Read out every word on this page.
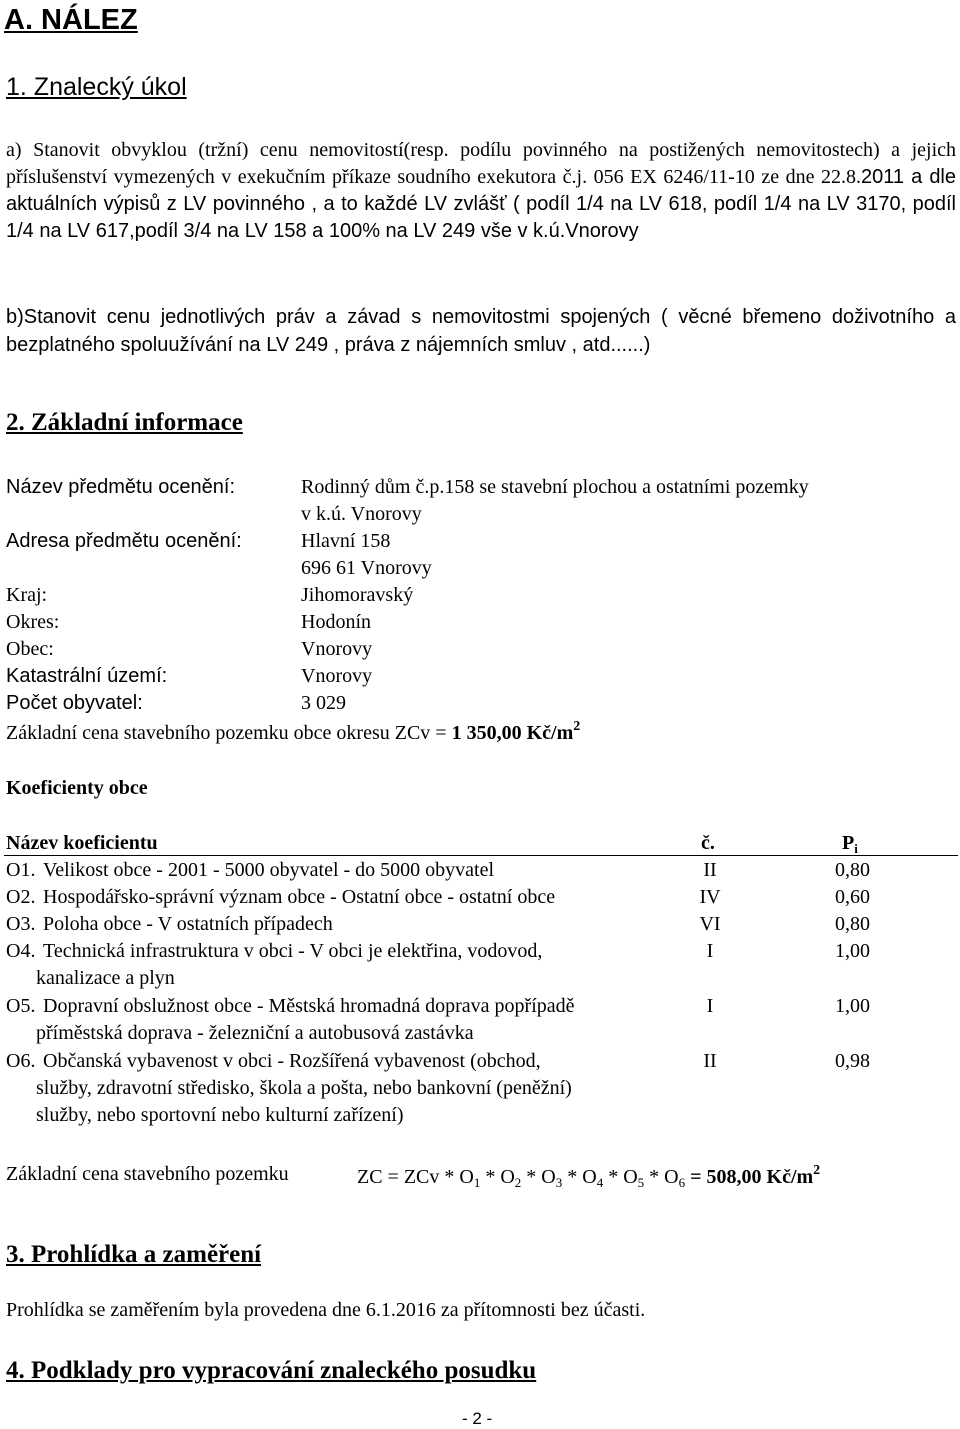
A. NÁLEZ
1. Znalecký úkol
a) Stanovit obvyklou (tržní) cenu nemovitostí(resp. podílu povinného na postižených nemovitostech) a jejich příslušenství vymezených v exekučním příkaze soudního exekutora č.j. 056 EX 6246/11-10 ze dne 22.8.2011 a dle aktuálních výpisů z LV povinného , a to každé LV zvlášť ( podíl 1/4 na LV 618, podíl 1/4 na LV 3170, podíl 1/4 na LV 617,podíl 3/4 na LV 158 a 100% na LV 249 vše v k.ú.Vnorovy
b)Stanovit cenu jednotlivých práv a závad s nemovitostmi spojených ( věcné břemeno doživotního a bezplatného spoluužívání na LV 249 , práva z nájemních smluv , atd......)
2. Základní informace
Název předmětu ocenění:	Rodinný dům č.p.158 se stavební plochou a ostatními pozemky
v k.ú. Vnorovy
Adresa předmětu ocenění:	Hlavní 158
696 61 Vnorovy
Kraj:	Jihomoravský
Okres:	Hodonín
Obec:	Vnorovy
Katastrální území:	Vnorovy
Počet obyvatel:	3 029
Základní cena stavebního pozemku obce okresu ZCv = 1 350,00 $Kč/m^2$
Koeficienty obce
Název koeficientu	č.	$P_i$
O1. Velikost obce - 2001 - 5000 obyvatel - do 5000 obyvatel	II	0,80
O2. Hospodářsko-správní význam obce - Ostatní obce - ostatní obce	IV	0,60
O3. Poloha obce - V ostatních případech	VI	0,80
O4. Technická infrastruktura v obci - V obci je elektřina, vodovod,
kanalizace a plyn
I	1,00
O5. Dopravní obslužnost obce - Městská hromadná doprava popřípadě
příměstská doprava - železniční a autobusová zastávka
I	1,00
O6. Občanská vybavenost v obci - Rozšířená vybavenost (obchod,
služby, zdravotní středisko, škola a pošta, nebo bankovní (peněžní)
služby, nebo sportovní nebo kulturní zařízení)
II	0,98
Základní cena stavebního pozemku	ZC = ZCv * $O_1 * O_2 * O_3 * O_4 * O_5 * O_6 = 508,00$ $Kč/m^2$
3. Prohlídka a zaměření
Prohlídka se zaměřením byla provedena dne 6.1.2016 za přítomnosti bez účasti.
4. Podklady pro vypracování znaleckého posudku
- 2 -
